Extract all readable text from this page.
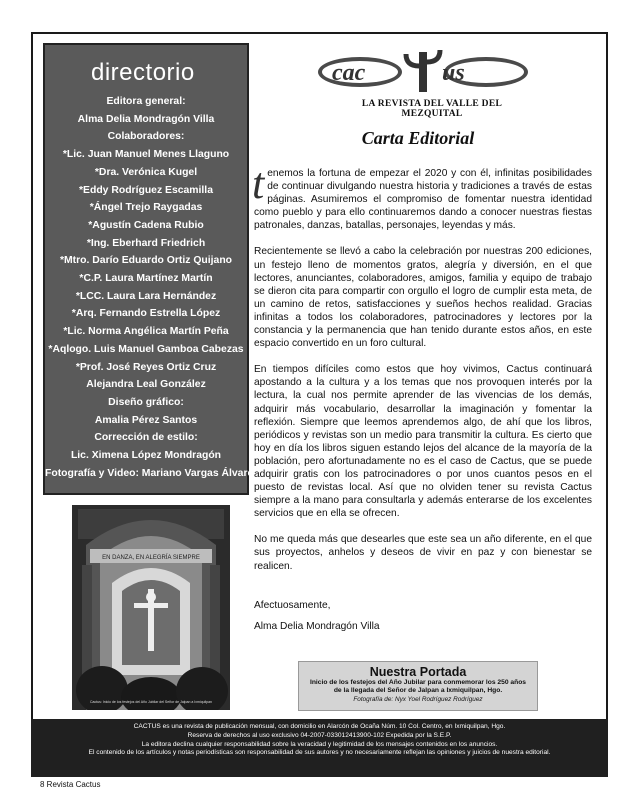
directorio
Editora general:
Alma Delia Mondragón Villa
Colaboradores:
*Lic. Juan Manuel Menes Llaguno
*Dra. Verónica Kugel
*Eddy Rodríguez Escamilla
*Ángel Trejo Raygadas
*Agustín Cadena Rubio
*Ing. Eberhard Friedrich
*Mtro. Darío Eduardo Ortiz Quijano
*C.P. Laura Martínez Martín
*LCC. Laura Lara Hernández
*Arq. Fernando Estrella López
*Lic. Norma Angélica Martín Peña
*Aqlogo. Luis Manuel Gamboa Cabezas
*Prof. José Reyes Ortiz Cruz
Alejandra Leal González
Diseño gráfico:
Amalia Pérez Santos
Corrección de estilo:
Lic. Ximena López Mondragón
Fotografía y Video: Mariano Vargas Álvarez
EN DANZA, EN ALEGRÍA SIEMPRE
Cactus: Inicio de los festejos del Año Jubilar del Señor de Jalpan a Ixmiquilpan
cac	us
LA REVISTA DEL VALLE DEL MEZQUITAL
Carta Editorial

tenemos la fortuna de empezar el 2020 y con él, infinitas posibilidades de continuar divulgando nuestra historia y tradiciones a través de estas páginas. Asumiremos el compromiso de fomentar nuestra identidad como pueblo y para ello continuaremos dando a conocer nuestras fiestas patronales, danzas, batallas, personajes, leyendas y más.

Recientemente se llevó a cabo la celebración por nuestras 200 ediciones, un festejo lleno de momentos gratos, alegría y diversión, en el que lectores, anunciantes, colaboradores, amigos, familia y equipo de trabajo se dieron cita para compartir con orgullo el logro de cumplir esta meta, de un camino de retos, satisfacciones y sueños hechos realidad. Gracias infinitas a todos los colaboradores, patrocinadores y lectores por la constancia y la permanencia que han tenido durante estos años, en este espacio convertido en un foro cultural.

En tiempos difíciles como estos que hoy vivimos, Cactus continuará apostando a la cultura y a los temas que nos provoquen interés por la lectura, la cual nos permite aprender de las vivencias de los demás, adquirir más vocabulario, desarrollar la imaginación y fomentar la reflexión. Siempre que leemos aprendemos algo, de ahí que los libros, periódicos y revistas son un medio para transmitir la cultura. Es cierto que hoy en día los libros siguen estando lejos del alcance de la mayoría de la población, pero afortunadamente no es el caso de Cactus, que se puede adquirir gratis con los patrocinadores o por unos cuantos pesos en el puesto de revistas local. Así que no olviden tener su revista Cactus siempre a la mano para consultarla y además enterarse de los excelentes servicios que en ella se ofrecen.

No me queda más que desearles que este sea un año diferente, en el que sus proyectos, anhelos y deseos de vivir en paz y con bienestar se realicen.

Afectuosamente,
Alma Delia Mondragón Villa
Nuestra Portada
Inicio de los festejos del Año Jubilar para conmemorar los 250 años
de la llegada del Señor de Jalpan a Ixmiquilpan, Hgo.
Fotografía de: Nyx Yoel Rodríguez Rodríguez
CACTUS es una revista de publicación mensual, con domicilio en Alarcón de Ocaña Núm. 10 Col. Centro, en Ixmiquilpan, Hgo.
Reserva de derechos al uso exclusivo 04-2007-033012413900-102 Expedida por la S.E.P.
La editora declina cualquier responsabilidad sobre la veracidad y legitimidad de los mensajes contenidos en los anuncios.
El contenido de los artículos y notas periodísticas son responsabilidad de sus autores y no necesariamente reflejan las opiniones y juicios de nuestra editorial.
8 Revista Cactus
